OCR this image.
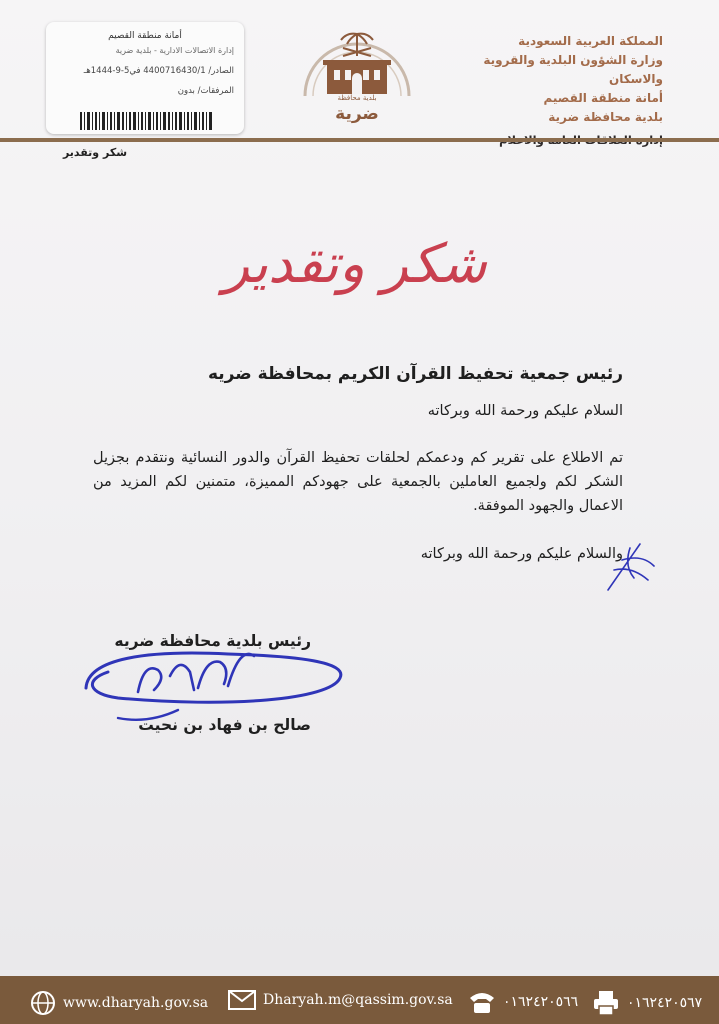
المملكة العربية السعودية
وزارة الشؤون البلدية والقروية والاسكان
أمانة منطقة القصيم
بلدية محافظة ضرية
بلدية محافظة
ضرية
أمانة منطقة القصيم
إدارة الاتصالات الادارية - بلدية ضرية
الصادر/ 4400716430/1 في5-9-1444هـ
المرفقات/ بدون
شكر وتقدير
شكر وتقدير
رئيس جمعية تحفيظ القرآن الكريم بمحافظة ضريه
السلام عليكم ورحمة الله وبركاته
تم الاطلاع على تقرير كم ودعمكم لحلقات تحفيظ القرآن والدور النسائية ونتقدم بجزيل الشكر لكم ولجميع العاملين بالجمعية على جهودكم المميزة، متمنين لكم المزيد من الاعمال والجهود الموفقة.
والسلام عليكم ورحمة الله وبركاته
رئيس بلدية محافظة ضريه
صالح بن فهاد بن نحيت
www.dharyah.gov.sa	Dharyah.m@qassim.gov.sa	٠١٦٢٤٢٠٥٦٦	٠١٦٢٤٢٠٥٦٧
